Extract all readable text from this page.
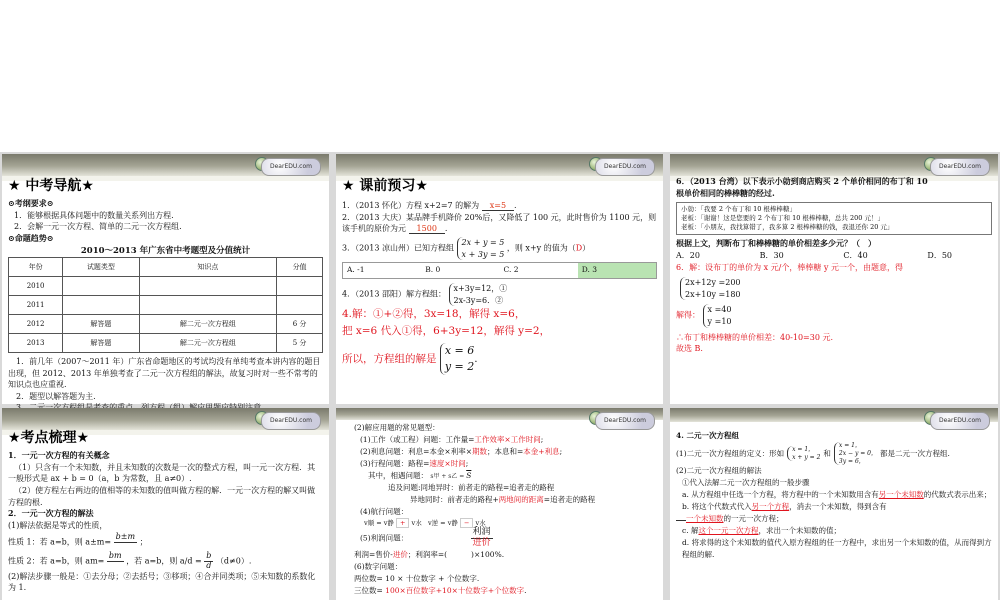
DearEDU.com
★ 中考导航★
⊙考纲要求⊙
1．能够根据具体问题中的数量关系列出方程.
2．会解一元一次方程、简单的二元一次方程组.
⊙命题趋势⊙
2010～2013 年广东省中考题型及分值统计
年份	试题类型	知识点	分值
2010			
2011			
2012	解答题	解二元一次方程组	6 分
2013	解答题	解二元一次方程组	5 分

1．前几年（2007～2011 年）广东省命题地区的考试均没有单纯考查本讲内容的题目出现，但 2012、2013 年单独考查了二元一次方程组的解法，故复习时对一些不常考的知识点也应重视.

2．题型以解答题为主.

DearEDU.com
★ 课前预习★
1．（2013 怀化）方程 x+2=7 的解为 x=5 .
2．（2013 大庆）某品牌手机降价 20%后，又降低了 100 元，此时售价为 1100 元，则该手机的原价为元 1500 .
3．（2013 凉山州）已知方程组
2x + y = 5
x + 3y = 5
，则 x+y 的值为（D）
A. -1	B. 0	C. 2	D. 3
4．（2013 邵阳）解方程组：
x+3y=12，①
2x-3y=6．②
4.解：①+②得，3x=18，解得 x=6，
把 x=6 代入①得，6+3y=12，解得 y=2，
所以，方程组的解是
x = 6
y = 2
.
DearEDU.com
6．（2013 台湾）以下表示小勍到商店购买 2 个单价相同的布丁和 10 根单价相同的棒棒糖的经过.
小勍：「我要 2 个布丁和 10 根棒棒糖」
老板：「谢谢！这是您要的 2 个布丁和 10 根棒棒糖，总共 200 元！」
老板：「小朋友，我找算错了，我多算 2 根棒棒糖的钱，我退还你 20 元」
根据上文，判断布丁和棒棒糖的单价相差多少元？（　）
A．20	B．30	C．40	D．50
6．解：设布丁的单价为 x 元/个，棒棒糖 y 元一个，由题意，得
2x+12y =200
2x+10y =180
解得：
x =40
y =10
∴布丁和棒棒糖的单价相差：40-10=30 元.
故选 B.
DearEDU.com
★考点梳理★
1．一元一次方程的有关概念
（1）只含有一个未知数，并且未知数的次数是一次的整式方程，叫一元一次方程．其一般形式是 ax + b = 0（a，b 为常数，且 a≠0）.
（2）使方程左右两边的值相等的未知数的值叫做方程的解．一元一次方程的解又叫做方程的根.
2．一元一次方程的解法
(1)解法依据是等式的性质，
性质 1：若 a=b，则 a±m=
b±m

；
性质 2：若 a=b，则 am=
bm

，若 a=b，则 $a/d = \frac{b}{d} (d\ne 0)$.
(2)解法步骤一般是：①去分母；②去括号；③移项；④合并同类项；⑤未知数的系数化为 1.
DearEDU.com
(2)解应用题的常见题型：
(1)工作（或工程）问题：工作量=工作效率×工作时间;
(2)利息问题：利息=本金×利率×期数；本息和=本金+利息;
(3)行程问题：路程=速度×时间;
其中，相遇问题： s甲 + s乙 = $\overline{S}$
追及问题:同地异时：前者走的路程=追者走的路程
异地同时：前者走的路程+两地间的距离=追者走的路程
(4)航行问题：
v顺 = v静 + v水 v逆 = v静 − v水
(5)利润问题：	$\frac{\text{利润}}{\text{进价}}$
利润=售价-进价；利润率=(	)×100%.
(6)数字问题：
两位数= 10 × 十位数字 + 个位数字.
三位数= 100×百位数字+10×十位数字+个位数字.
DearEDU.com
4. 二元一次方程组
(1)二元一次方程组的定义：形如 x = 1，
x + y = 2 和
x = 1，
2x − y = 0，
3y = 6，
都是二元一次方程组.
(2)二元一次方程组的解法
①代入法解二元一次方程组的一般步骤
a. 从方程组中任选一个方程，将方程中的一个未知数用含有另一个未知数的代数式表示出来；
b. 将这个代数式代入另一个方程，消去一个未知数，得到含有
一个未知数的一元一次方程；
c. 解这个一元一次方程，求出一个未知数的值；
d. 将求得的这个未知数的值代入原方程组的任一方程中，求出另一个未知数的值，从而得到方程组的解.
